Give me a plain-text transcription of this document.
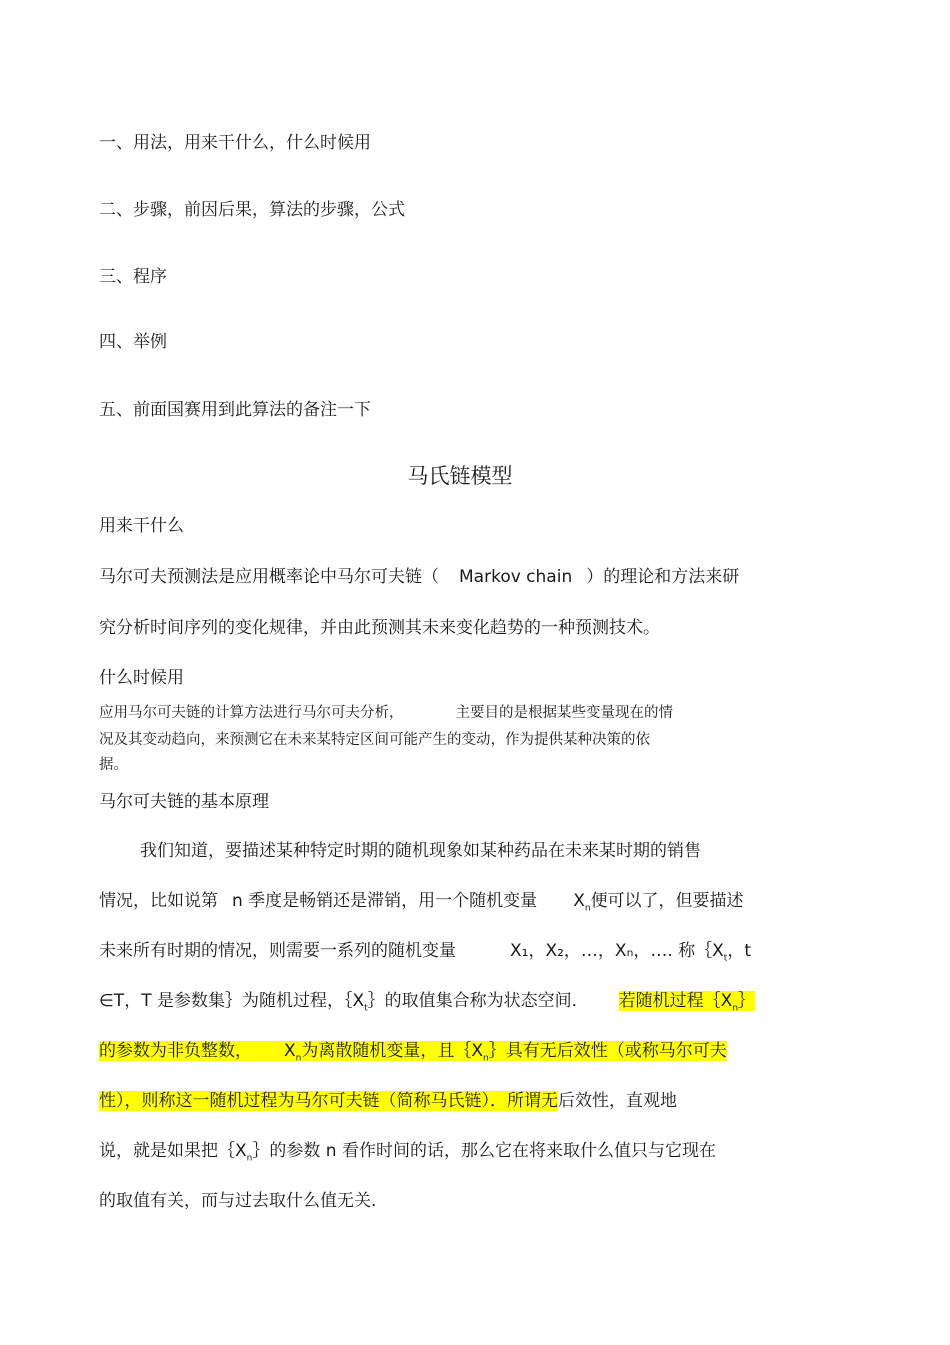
一、用法，用来干什么，什么时候用
二、步骤，前因后果，算法的步骤，公式
三、程序
四、举例
五、前面国赛用到此算法的备注一下
马氏链模型
用来干什么
马尔可夫预测法是应用概率论中马尔可夫链（ Markov chain ）的理论和方法来研
究分析时间序列的变化规律，并由此预测其未来变化趋势的一种预测技术。
什么时候用
应用马尔可夫链的计算方法进行马尔可夫分析，	主要目的是根据某些变量现在的情
况及其变动趋向，来预测它在未来某特定区间可能产生的变动，作为提供某种决策的依
据。
马尔可夫链的基本原理
我们知道，要描述某种特定时期的随机现象如某种药品在未来某时期的销售
情况，比如说第 n 季度是畅销还是滞销，用一个随机变量 $X_n$便可以了，但要描述
未来所有时期的情况，则需要一系列的随机变量	X₁，X₂，…，Xₙ，…. 称$\{X_t$，t
∈T，T 是参数集｝为随机过程，$\{X_t\}$的取值集合称为状态空间． 若随机过程$\{X_n\}$
的参数为非负整数， $X_n$为离散随机变量，且$\{X_n\}$具有无后效性（或称马尔可夫
性），则称这一随机过程为马尔可夫链（简称马氏链）．所谓无后效性，直观地
说，就是如果把$\{X_n\}$的参数 n 看作时间的话，那么它在将来取什么值只与它现在
的取值有关，而与过去取什么值无关.
